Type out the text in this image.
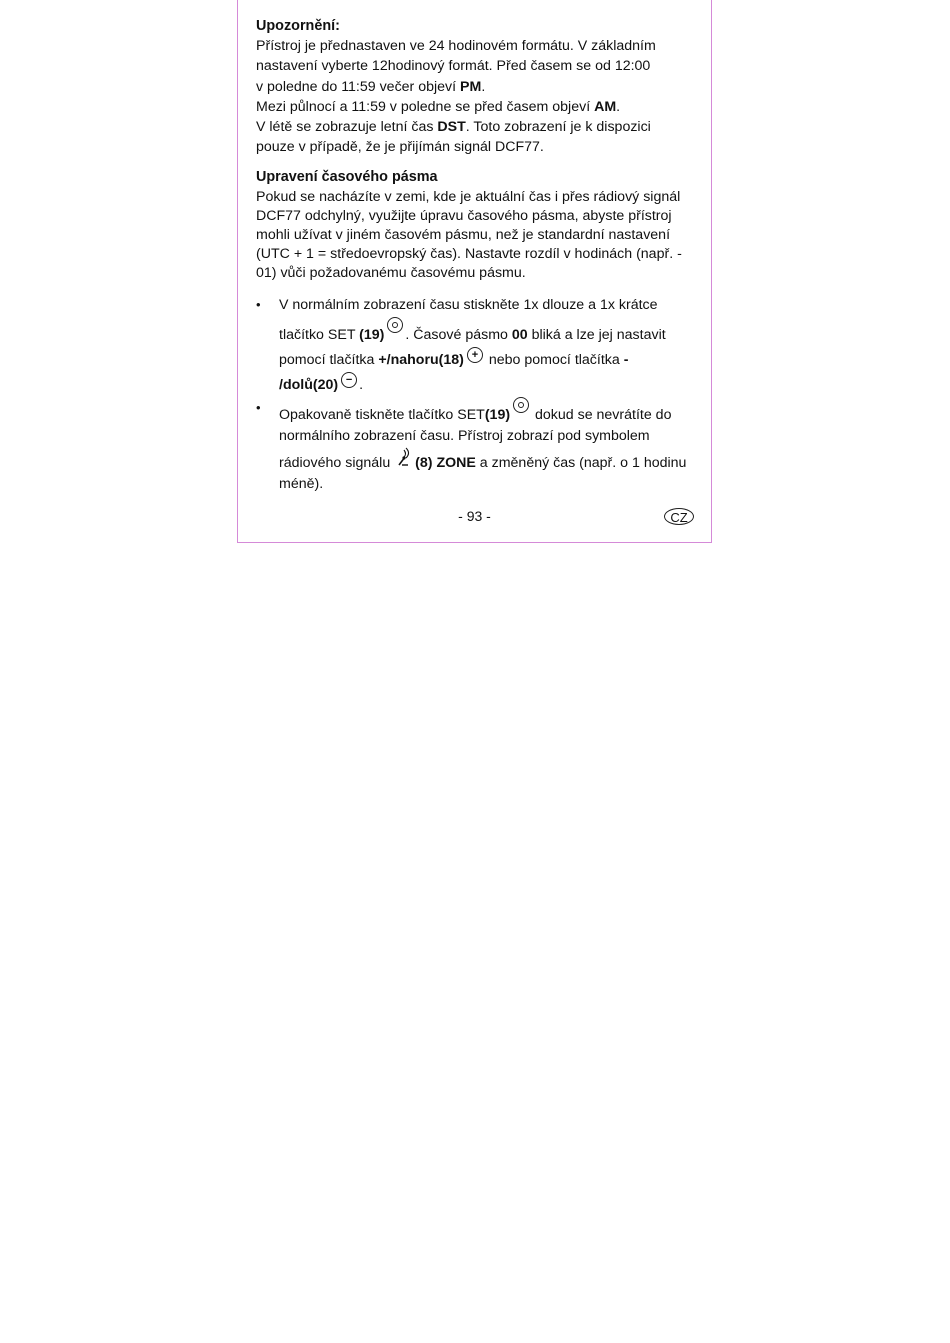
Upozornění:

Přístroj je přednastaven ve 24 hodinovém formátu. V základním

nastavení vyberte 12hodinový formát. Před časem se od 12:00

v poledne do 11:59 večer objeví PM.

Mezi půlnocí a 11:59 v poledne se před časem objeví AM.

V létě se zobrazuje letní čas DST. Toto zobrazení je k dispozici

pouze v případě, že je přijímán signál DCF77.

Upravení časového pásma

Pokud se nacházíte v zemi, kde je aktuální čas i přes rádiový signál DCF77 odchylný, využijte úpravu časového pásma, abyste přístroj mohli užívat v jiném časovém pásmu, než je standardní nastavení (UTC + 1 = středoevropský čas). Nastavte rozdíl v hodinách (např. - 01) vůči požadovanému časovému pásmu.

• V normálním zobrazení času stiskněte 1x dlouze a 1x krátce
tlačítko SET (19) . Časové pásmo 00 bliká a lze jej nastavit
pomocí tlačítka +/nahoru(18) + nebo pomocí tlačítka -
/dolů(20) − .
• Opakovaně tiskněte tlačítko SET(19) dokud se nevrátíte do
normálního zobrazení času. Přístroj zobrazí pod symbolem
rádiového signálu (8) ZONE a změněný čas (např. o 1 hodinu
méně).
- 93 -	CZ
